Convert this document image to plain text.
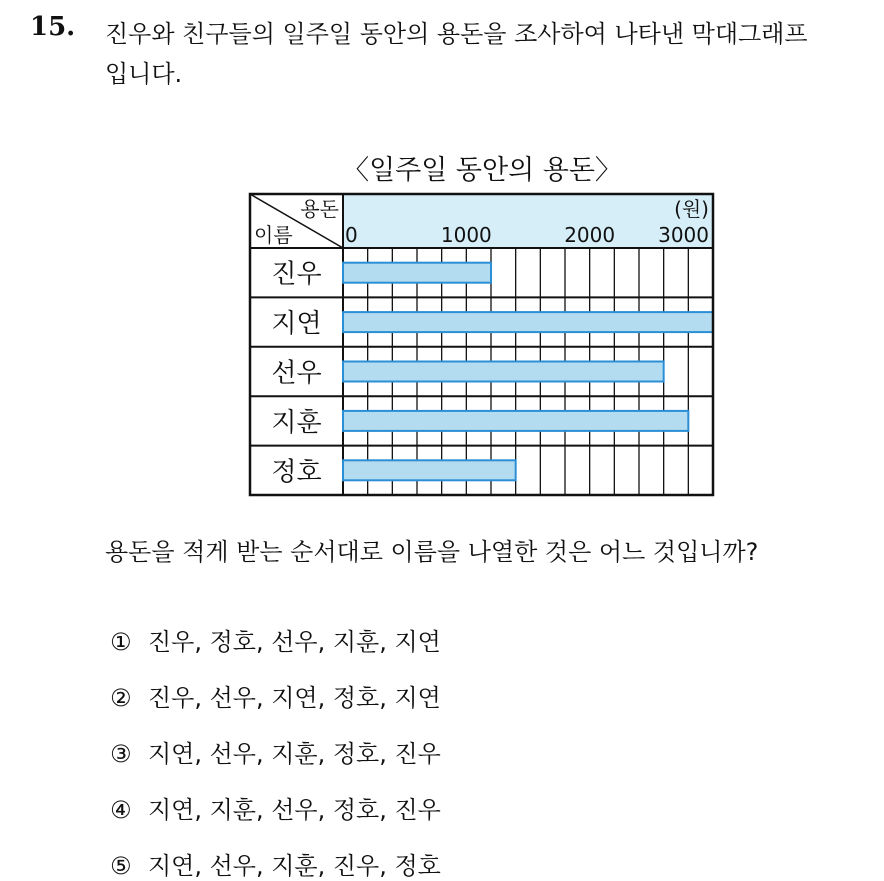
15. 진우와 친구들의 일주일 동안의 용돈을 조사하여 나타낸 막대그래프
입니다.
〈일주일 동안의 용돈〉
용돈
이름
(원)
0	1000	2000 3000
진우
지연
선우
지훈
정호
용돈을 적게 받는 순서대로 이름을 나열한 것은 어느 것입니까?
① 진우, 정호, 선우, 지훈, 지연
② 진우, 선우, 지연, 정호, 지연
③ 지연, 선우, 지훈, 정호, 진우
④ 지연, 지훈, 선우, 정호, 진우
⑤ 지연, 선우, 지훈, 진우, 정호
